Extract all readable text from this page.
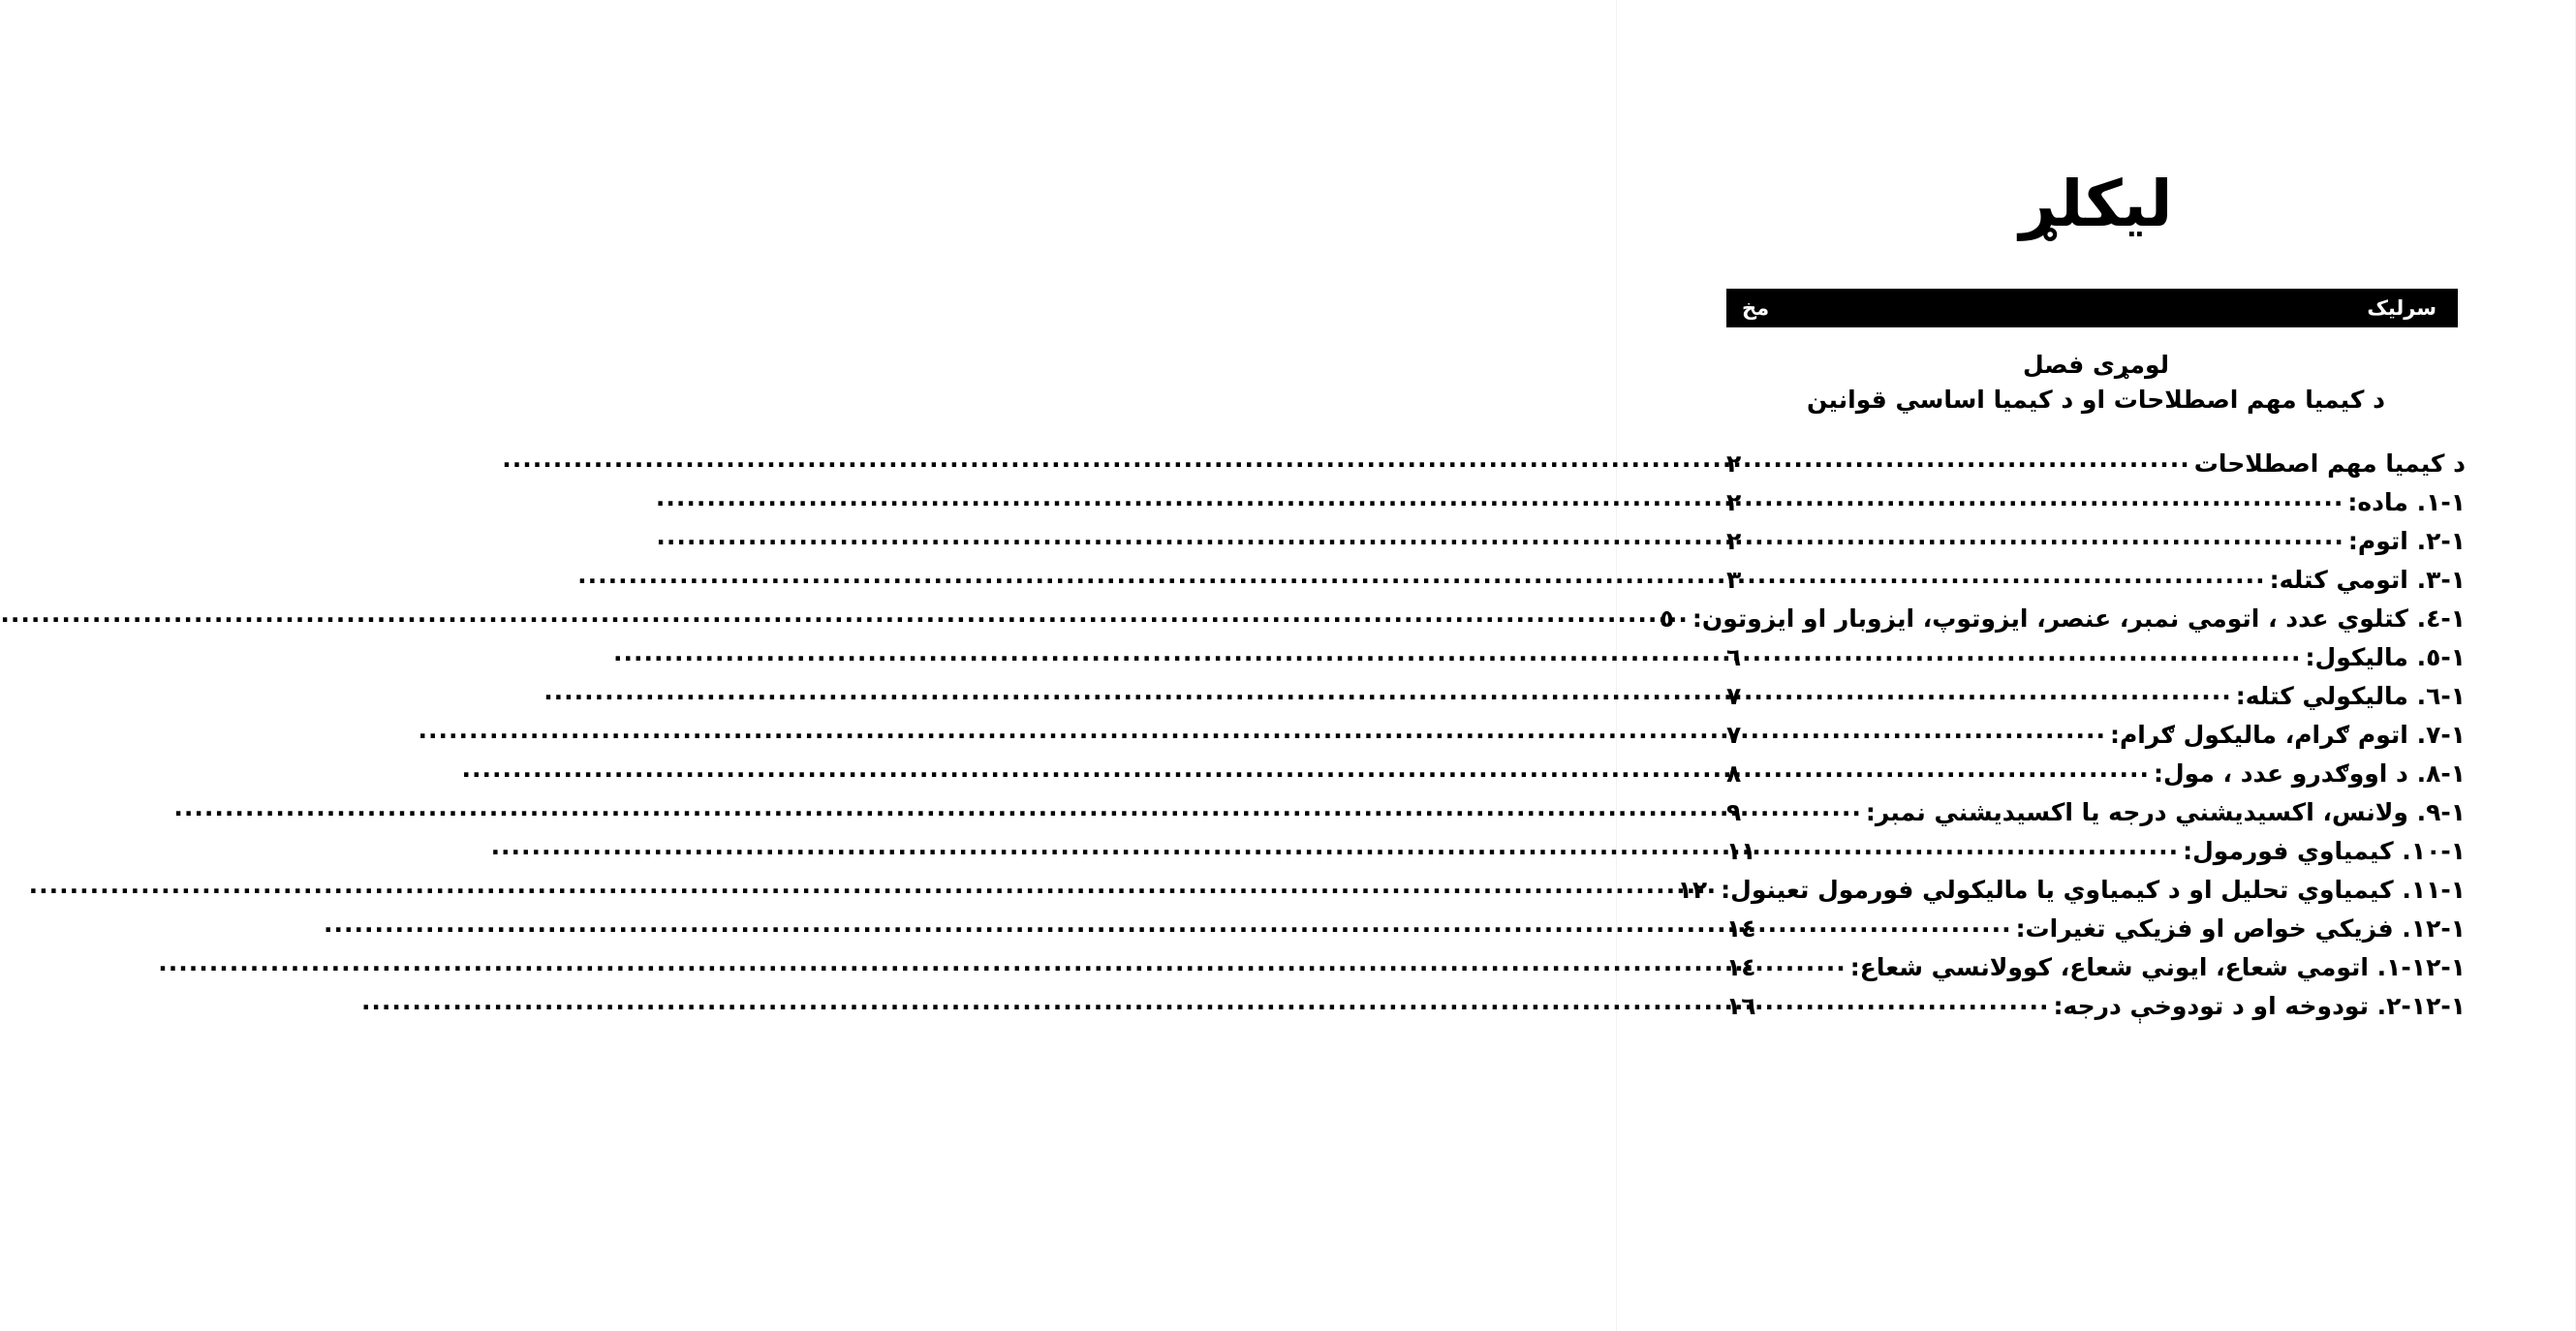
ليکلړ
سرليک
مخ
لومړی فصل
د کيميا مهم اصطلاحات او د کيميا اساسي قوانين
د کيميا مهم اصطلاحات
.....
٢
١-١. ماده:
.....
٢
١-٢. اتوم:
.....
٢
١-٣. اتومي کتله:
.....
٣
١-٤. کتلوي عدد ، اتومي نمبر، عنصر، ايزوتوپ، ايزوبار او ايزوتون:
.....
٥
١-٥. ماليکول:
.....
٦
١-٦. ماليکولي کتله:
.....
٧
١-٧. اتوم ګرام، ماليکول ګرام:
.....
٧
١-٨. د اووګدرو عدد ، مول:
.....
٨
١-٩. ولانس، اکسيديشني درجه يا اکسيديشني نمبر:
.....
٩
١-١٠. کيمياوي فورمول:
.....
١١
١-١١. کيمياوي تحليل او د کيمياوي يا ماليکولي فورمول تعينول:
.....
١٢
١-١٢. فزيکي خواص او فزيکي تغيرات:
.....
١٤
١-١٢-١. اتومي شعاع، ايوني شعاع، کوولانسي شعاع:
.....
١٤
١-١٢-٢. تودوخه او د تودوخې درجه:
.....
١٦
